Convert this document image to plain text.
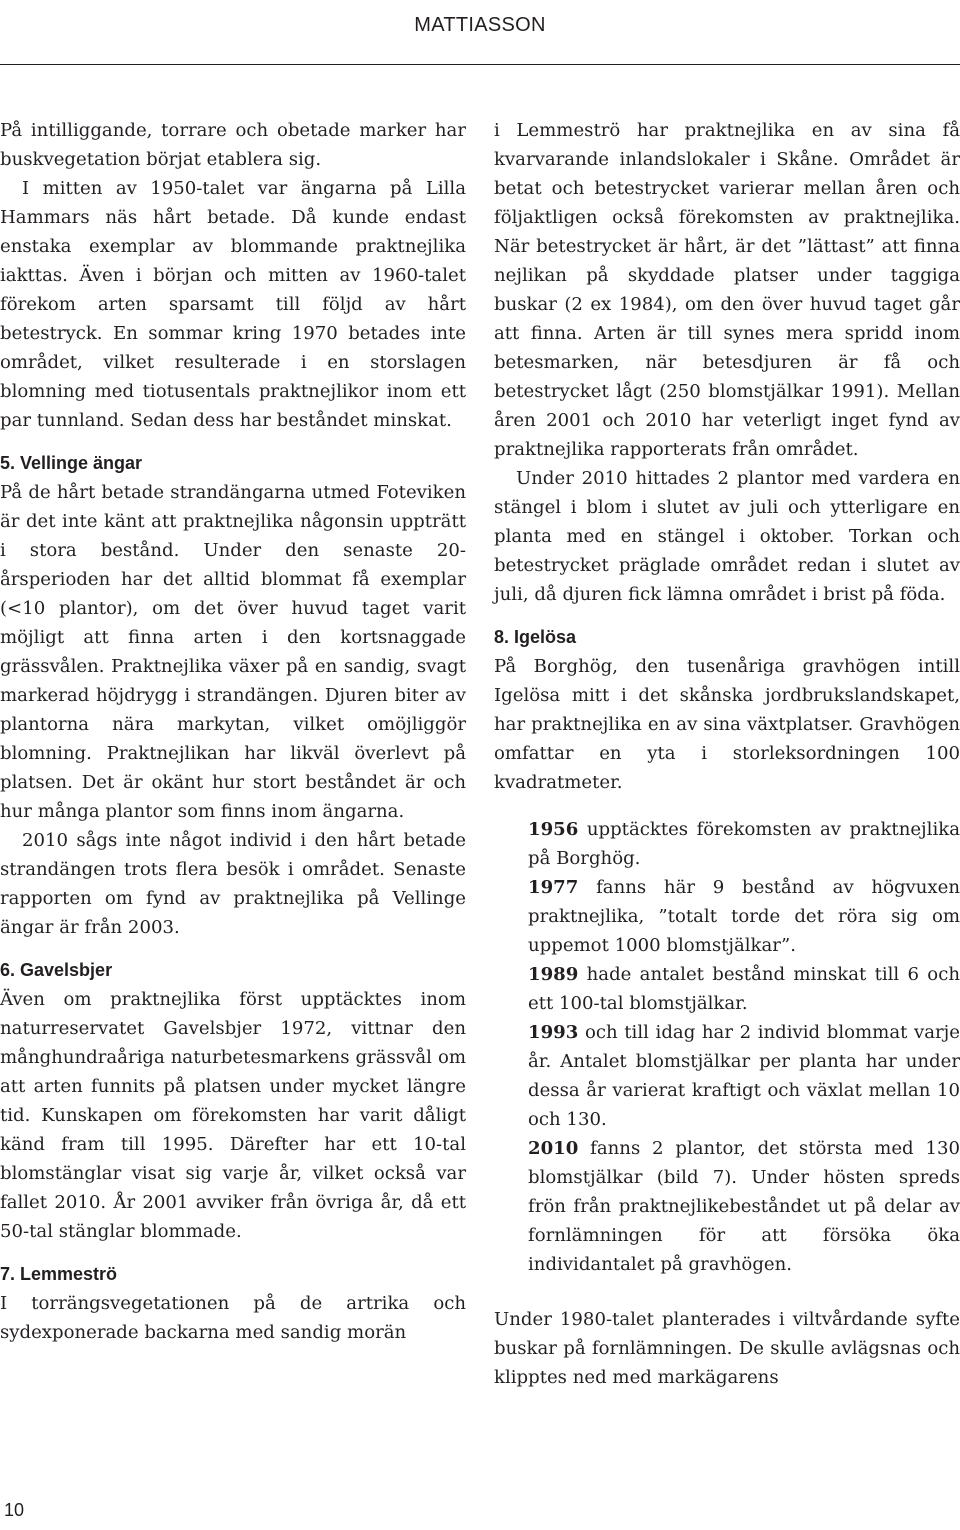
MATTIASSON

På intilliggande, torrare och obetade marker har buskvegetation börjat etablera sig.

I mitten av 1950-talet var ängarna på Lilla Hammars näs hårt betade. Då kunde endast enstaka exemplar av blommande praktnejlika iakttas. Även i början och mitten av 1960-talet förekom arten sparsamt till följd av hårt betestryck. En sommar kring 1970 betades inte området, vilket resulterade i en storslagen blomning med tiotusentals praktnejlikor inom ett par tunnland. Sedan dess har beståndet minskat.

5. Vellinge ängar

På de hårt betade strandängarna utmed Foteviken är det inte känt att praktnejlika någonsin uppträtt i stora bestånd. Under den senaste 20-årsperioden har det alltid blommat få exemplar (<10 plantor), om det över huvud taget varit möjligt att finna arten i den kortsnaggade grässvålen. Praktnejlika växer på en sandig, svagt markerad höjdrygg i strandängen. Djuren biter av plantorna nära markytan, vilket omöjliggör blomning. Praktnejlikan har likväl överlevt på platsen. Det är okänt hur stort beståndet är och hur många plantor som finns inom ängarna.

2010 sågs inte något individ i den hårt betade strandängen trots flera besök i området. Senaste rapporten om fynd av praktnejlika på Vellinge ängar är från 2003.

6. Gavelsbjer

Även om praktnejlika först upptäcktes inom naturreservatet Gavelsbjer 1972, vittnar den månghundraåriga naturbetesmarkens grässvål om att arten funnits på platsen under mycket längre tid. Kunskapen om förekomsten har varit dåligt känd fram till 1995. Därefter har ett 10-tal blomstänglar visat sig varje år, vilket också var fallet 2010. År 2001 avviker från övriga år, då ett 50-tal stänglar blommade.

7. Lemmeströ

I torrängsvegetationen på de artrika och sydexponerade backarna med sandig morän

i Lemmeströ har praktnejlika en av sina få kvarvarande inlandslokaler i Skåne. Området är betat och betestrycket varierar mellan åren och följaktligen också förekomsten av praktnejlika. När betestrycket är hårt, är det ”lättast” att finna nejlikan på skyddade platser under taggiga buskar (2 ex 1984), om den över huvud taget går att finna. Arten är till synes mera spridd inom betesmarken, när betesdjuren är få och betestrycket lågt (250 blomstjälkar 1991). Mellan åren 2001 och 2010 har veterligt inget fynd av praktnejlika rapporterats från området.

Under 2010 hittades 2 plantor med vardera en stängel i blom i slutet av juli och ytterligare en planta med en stängel i oktober. Torkan och betestrycket präglade området redan i slutet av juli, då djuren fick lämna området i brist på föda.

8. Igelösa

På Borghög, den tusenåriga gravhögen intill Igelösa mitt i det skånska jordbrukslandskapet, har praktnejlika en av sina växtplatser. Gravhögen omfattar en yta i storleksordningen 100 kvadratmeter.

1956 upptäcktes förekomsten av praktnejlika på Borghög.

1977 fanns här 9 bestånd av högvuxen praktnejlika, ”totalt torde det röra sig om uppemot 1000 blomstjälkar”.

1989 hade antalet bestånd minskat till 6 och ett 100-tal blomstjälkar.

1993 och till idag har 2 individ blommat varje år. Antalet blomstjälkar per planta har under dessa år varierat kraftigt och växlat mellan 10 och 130.

2010 fanns 2 plantor, det största med 130 blomstjälkar (bild 7). Under hösten spreds frön från praktnejlikebeståndet ut på delar av fornlämningen för att försöka öka individantalet på gravhögen.

Under 1980-talet planterades i viltvårdande syfte buskar på fornlämningen. De skulle avlägsnas och klipptes ned med markägarens

10
